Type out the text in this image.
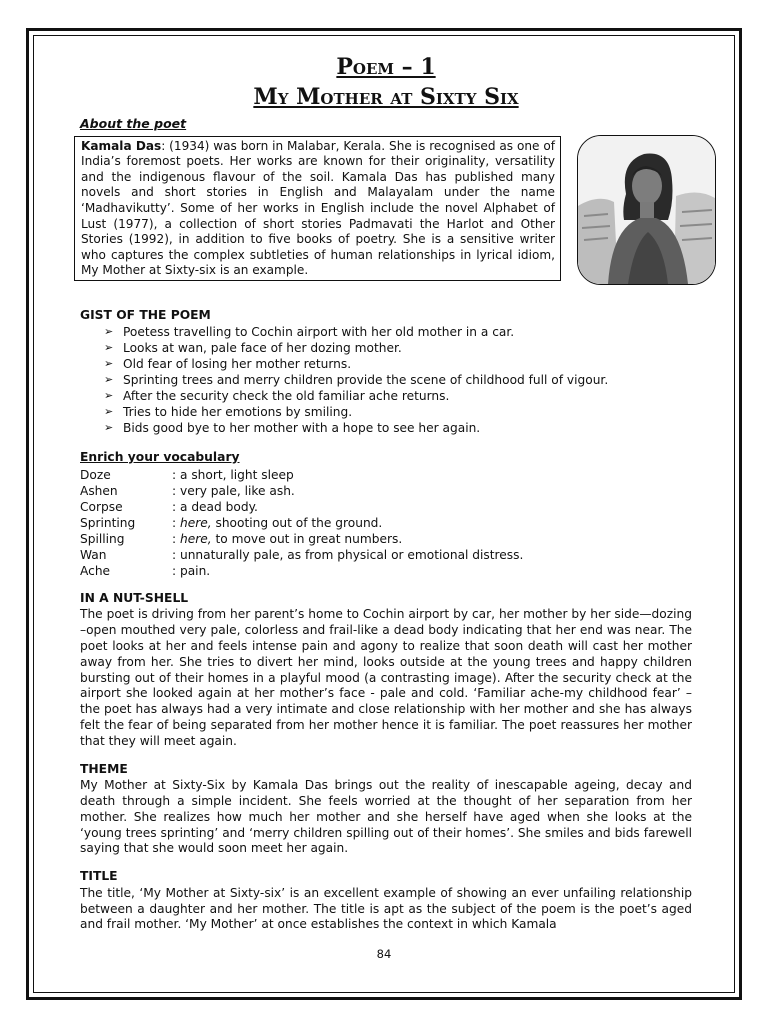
Poem – 1
My Mother at Sixty Six
About the poet
Kamala Das: (1934) was born in Malabar, Kerala. She is recognised as one of India’s foremost poets. Her works are known for their originality, versatility and the indigenous flavour of the soil. Kamala Das has published many novels and short stories in English and Malayalam under the name ‘Madhavikutty’. Some of her works in English include the novel Alphabet of Lust (1977), a collection of short stories Padmavati the Harlot and Other Stories (1992), in addition to five books of poetry. She is a sensitive writer who captures the complex subtleties of human relationships in lyrical idiom, My Mother at Sixty-six is an example.
GIST OF THE POEM
➢ Poetess travelling to Cochin airport with her old mother in a car.
➢ Looks at wan, pale face of her dozing mother.
➢ Old fear of losing her mother returns.
➢ Sprinting trees and merry children provide the scene of childhood full of vigour.
➢ After the security check the old familiar ache returns.
➢ Tries to hide her emotions by smiling.
➢ Bids good bye to her mother with a hope to see her again.
Enrich your vocabulary
Doze	: a short, light sleep
Ashen	: very pale, like ash.
Corpse	: a dead body.
Sprinting	: here, shooting out of the ground.
Spilling	: here, to move out in great numbers.
Wan	: unnaturally pale, as from physical or emotional distress.
Ache	: pain.
IN A NUT-SHELL

The poet is driving from her parent’s home to Cochin airport by car, her mother by her side—dozing –open mouthed very pale, colorless and frail-like a dead body indicating that her end was near. The poet looks at her and feels intense pain and agony to realize that soon death will cast her mother away from her. She tries to divert her mind, looks outside at the young trees and happy children bursting out of their homes in a playful mood (a contrasting image). After the security check at the airport she looked again at her mother’s face - pale and cold. ‘Familiar ache-my childhood fear’ – the poet has always had a very intimate and close relationship with her mother and she has always felt the fear of being separated from her mother hence it is familiar. The poet reassures her mother that they will meet again.

THEME

My Mother at Sixty-Six by Kamala Das brings out the reality of inescapable ageing, decay and death through a simple incident. She feels worried at the thought of her separation from her mother. She realizes how much her mother and she herself have aged when she looks at the ‘young trees sprinting’ and ‘merry children spilling out of their homes’. She smiles and bids farewell saying that she would soon meet her again.

TITLE

The title, ‘My Mother at Sixty-six’ is an excellent example of showing an ever unfailing relationship between a daughter and her mother. The title is apt as the subject of the poem is the poet’s aged and frail mother. ‘My Mother’ at once establishes the context in which Kamala

84
